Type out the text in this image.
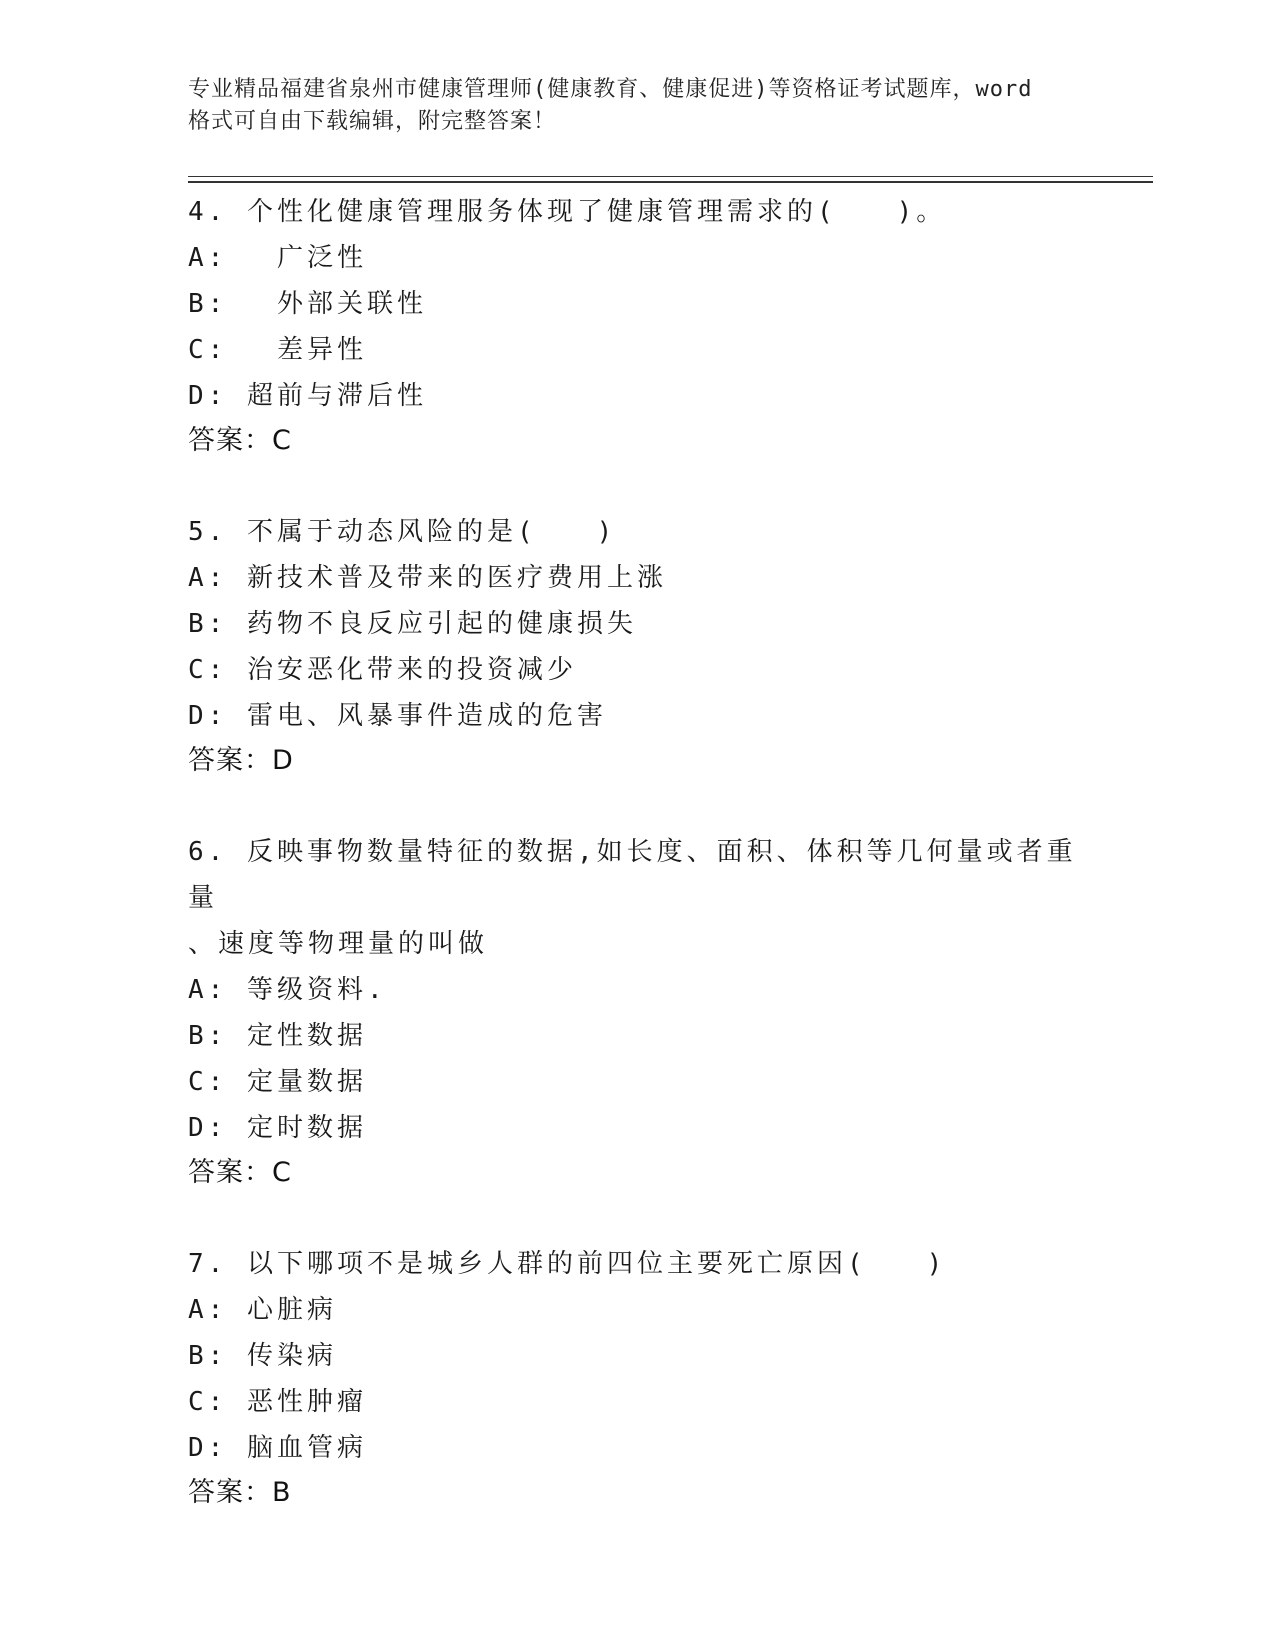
专业精品福建省泉州市健康管理师(健康教育、健康促进)等资格证考试题库，word
格式可自由下载编辑，附完整答案！
4. 个性化健康管理服务体现了健康管理需求的(　　)。
A: 　广泛性
B: 　外部关联性
C: 　差异性
D: 超前与滞后性
答案：C
5. 不属于动态风险的是(　　)
A: 新技术普及带来的医疗费用上涨
B: 药物不良反应引起的健康损失
C: 治安恶化带来的投资减少
D: 雷电、风暴事件造成的危害
答案：D
6. 反映事物数量特征的数据,如长度、面积、体积等几何量或者重量
、速度等物理量的叫做
A: 等级资料.
B: 定性数据
C: 定量数据
D: 定时数据
答案：C
7. 以下哪项不是城乡人群的前四位主要死亡原因(　　)
A: 心脏病
B: 传染病
C: 恶性肿瘤
D: 脑血管病
答案：B
